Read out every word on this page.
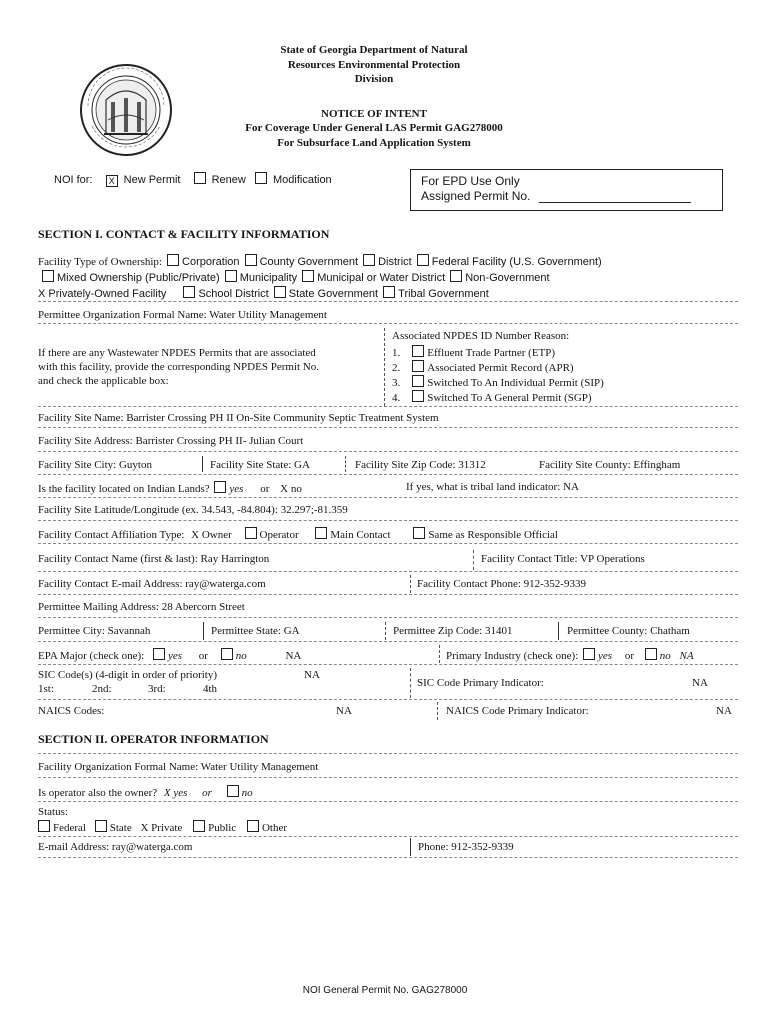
State of Georgia Department of Natural
Resources Environmental Protection
Division
NOTICE OF INTENT
For Coverage Under General LAS Permit GAG278000
For Subsurface Land Application System
NOI for: X New Permit	Renew Modification	For EPD Use Only
Assigned Permit No.
SECTION I. CONTACT & FACILITY INFORMATION
Facility Type of Ownership: Corporation County Government District Federal Facility (U.S. Government)
Mixed Ownership (Public/Private) Municipality Municipal or Water District Non-Government
X Privately-Owned Facility	School District State Government Tribal Government
Permittee Organization Formal Name: Water Utility Management
If there are any Wastewater NPDES Permits that are associated
with this facility, provide the corresponding NPDES Permit No.
and check the applicable box:
Associated NPDES ID Number Reason:
1. Effluent Trade Partner (ETP)
2. Associated Permit Record (APR)
3. Switched To An Individual Permit (SIP)
4. Switched To A General Permit (SGP)
Facility Site Name: Barrister Crossing PH II On-Site Community Septic Treatment System
Facility Site Address: Barrister Crossing PH II- Julian Court
Facility Site City: Guyton	Facility Site State: GA	Facility Site Zip Code: 31312	Facility Site County: Effingham
Is the facility located on Indian Lands? yes or X no	If yes, what is tribal land indicator: NA
Facility Site Latitude/Longitude (ex. 34.543, -84.804): 32.297;-81.359
Facility Contact Affiliation Type: X Owner	Operator	Main Contact	Same as Responsible Official
Facility Contact Name (first & last): Ray Harrington	Facility Contact Title: VP Operations
Facility Contact E-mail Address: ray@waterga.com	Facility Contact Phone: 912-352-9339
Permittee Mailing Address: 28 Abercorn Street
Permittee City: Savannah	Permittee State: GA	Permittee Zip Code: 31401	Permittee County: Chatham
EPA Major (check one): yes or	no	NA	Primary Industry (check one): yes or no NA
SIC Code(s) (4-digit in order of priority)	NA
1st:	2nd:	3rd:	4th	SIC Code Primary Indicator:	NA
NAICS Codes:	NA	NAICS Code Primary Indicator:	NA
SECTION II. OPERATOR INFORMATION
Facility Organization Formal Name: Water Utility Management
Is operator also the owner? X yes or	no
Status:
Federal State X Private Public Other
E-mail Address: ray@waterga.com	Phone: 912-352-9339
NOI General Permit No. GAG278000
